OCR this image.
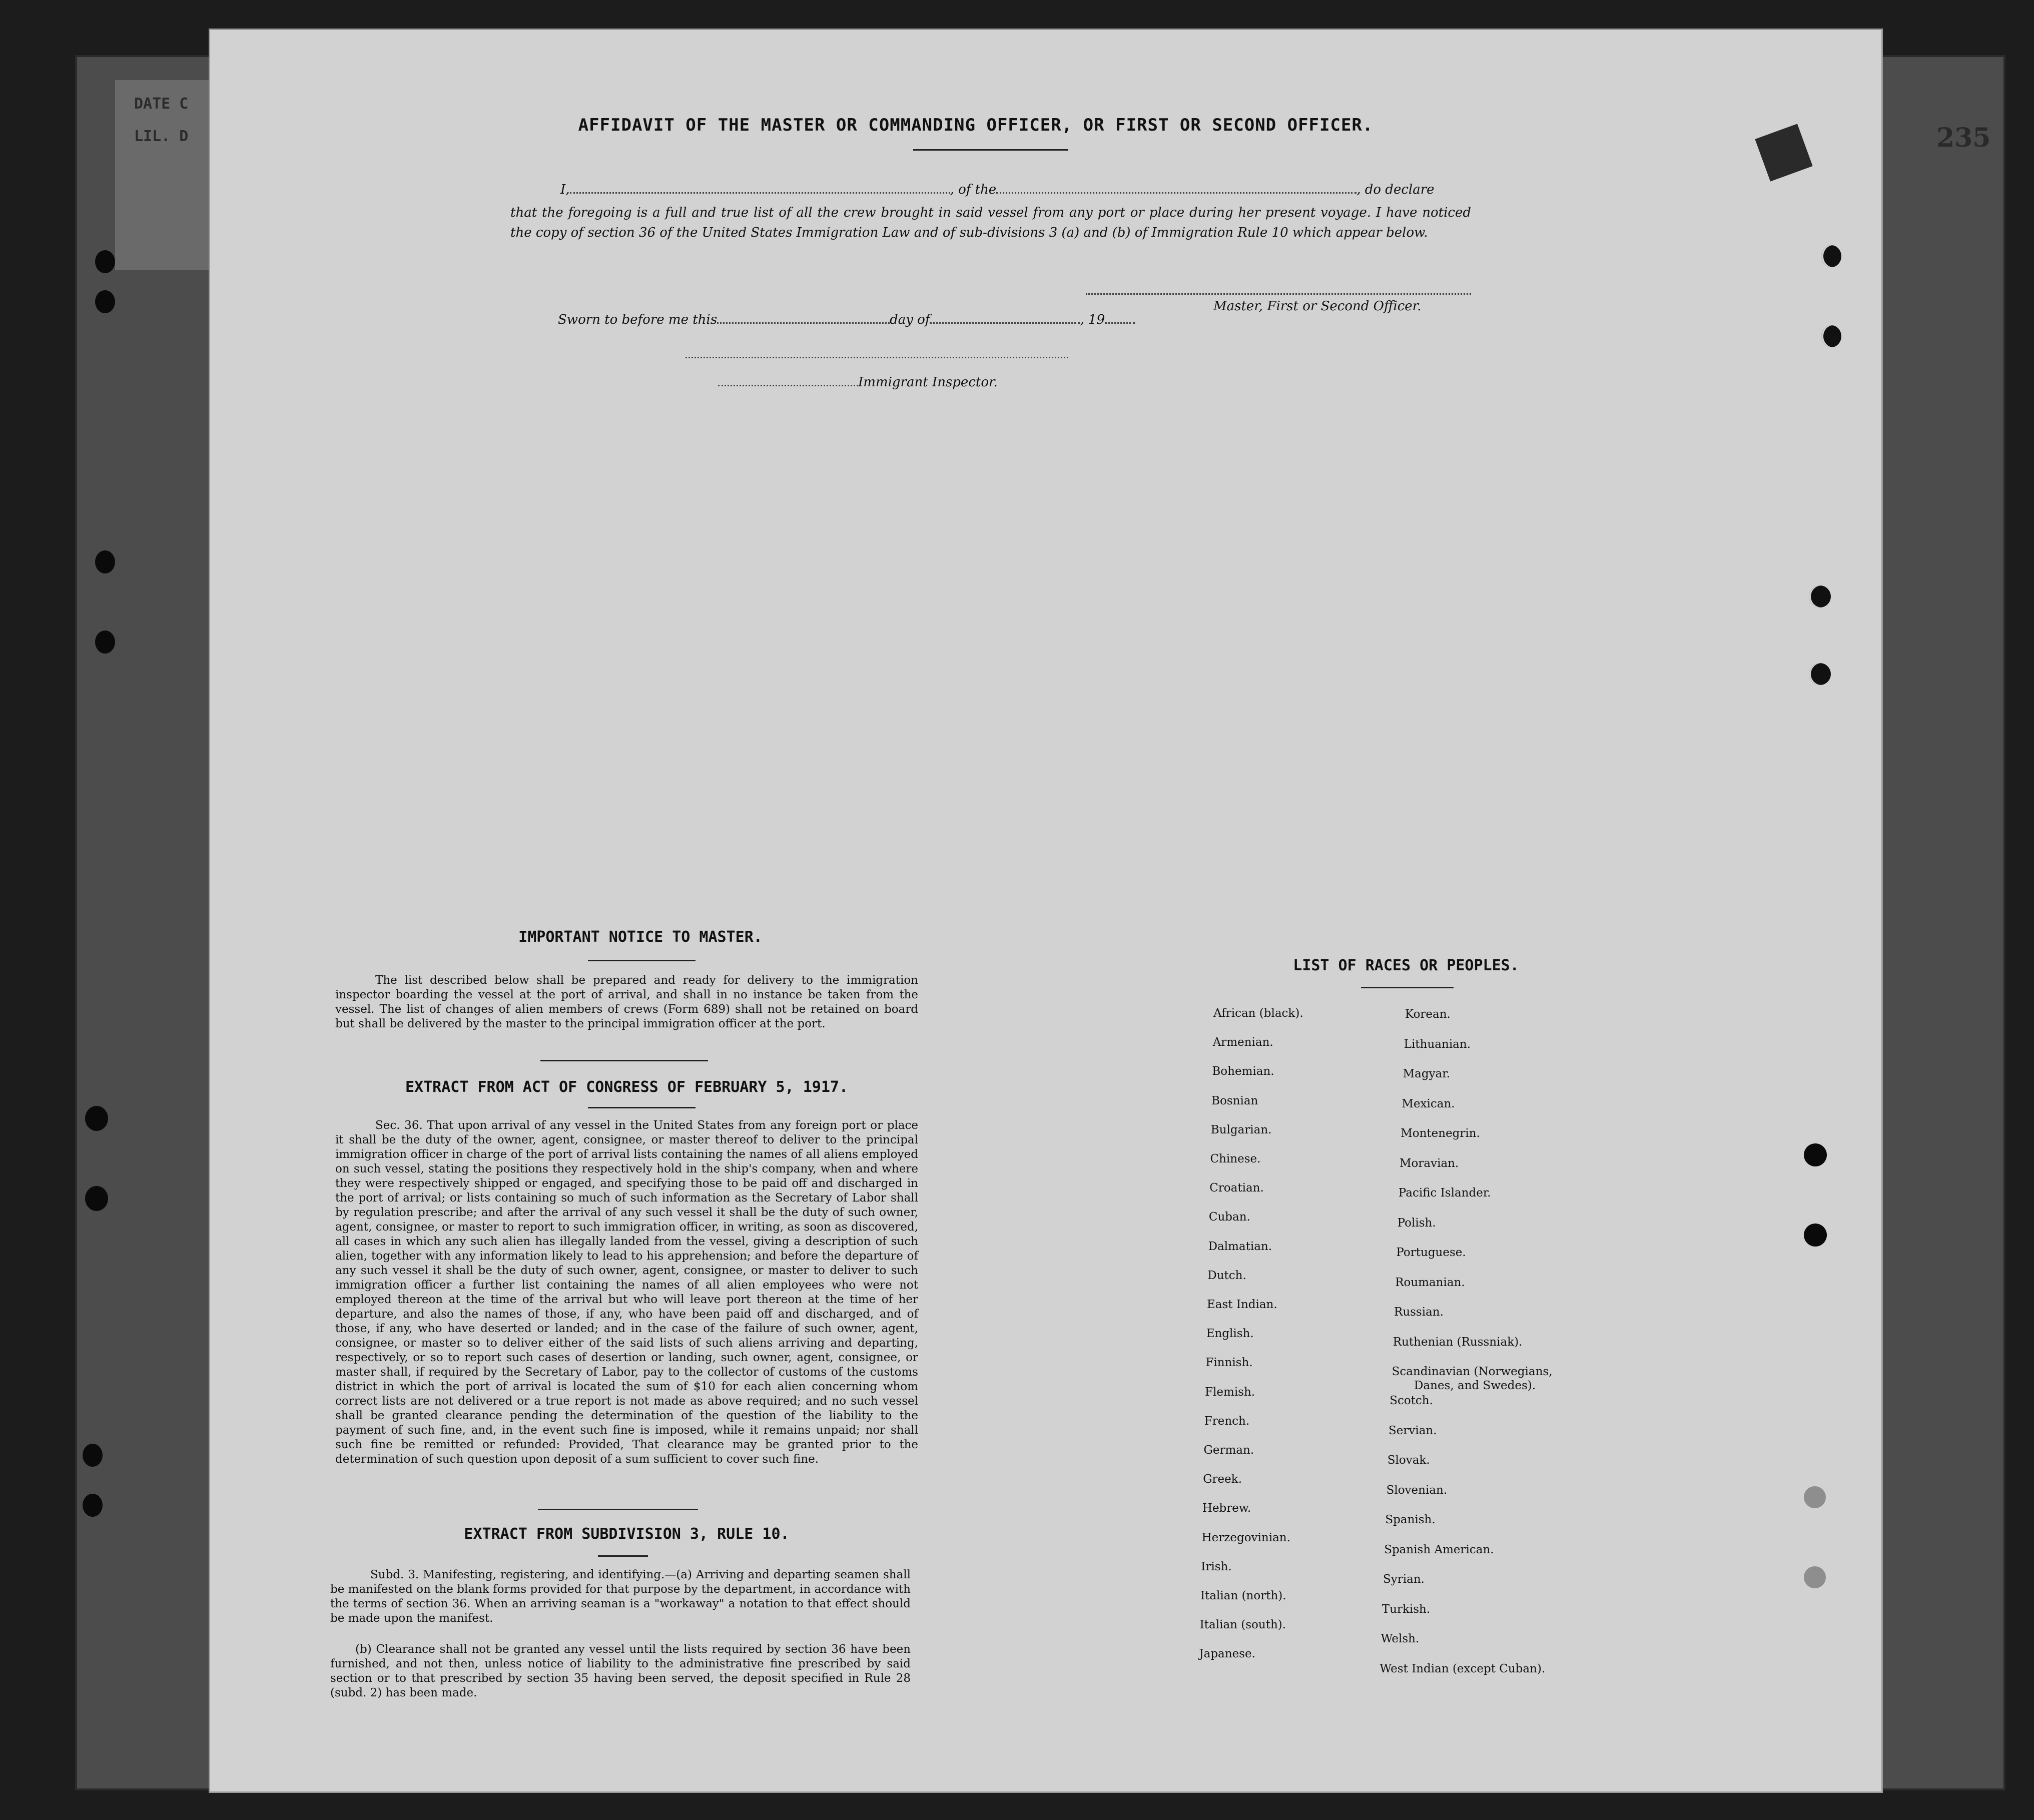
DATE C
LIL. D	235
AFFIDAVIT OF THE MASTER OR COMMANDING OFFICER, OR FIRST OR SECOND OFFICER.
I,	, of the	, do declare
that the foregoing is a full and true list of all the crew brought in said vessel from any port or place during her present voyage. I have noticed the copy of section 36 of the United States Immigration Law and of sub-divisions 3 (a) and (b) of Immigration Rule 10 which appear below.
Master, First or Second Officer.
Sworn to before me this	day of	, 19
Immigrant Inspector.
IMPORTANT NOTICE TO MASTER.
The list described below shall be prepared and ready for delivery to the immigration inspector boarding the vessel at the port of arrival, and shall in no instance be taken from the vessel. The list of changes of alien members of crews (Form 689) shall not be retained on board but shall be delivered by the master to the principal immigration officer at the port.
EXTRACT FROM ACT OF CONGRESS OF FEBRUARY 5, 1917.
Sec. 36. That upon arrival of any vessel in the United States from any foreign port or place it shall be the duty of the owner, agent, consignee, or master thereof to deliver to the principal immigration officer in charge of the port of arrival lists containing the names of all aliens employed on such vessel, stating the positions they respectively hold in the ship's company, when and where they were respectively shipped or engaged, and specifying those to be paid off and discharged in the port of arrival; or lists containing so much of such information as the Secretary of Labor shall by regulation prescribe; and after the arrival of any such vessel it shall be the duty of such owner, agent, consignee, or master to report to such immigration officer, in writing, as soon as discovered, all cases in which any such alien has illegally landed from the vessel, giving a description of such alien, together with any information likely to lead to his apprehension; and before the departure of any such vessel it shall be the duty of such owner, agent, consignee, or master to deliver to such immigration officer a further list containing the names of all alien employees who were not employed thereon at the time of the arrival but who will leave port thereon at the time of her departure, and also the names of those, if any, who have been paid off and discharged, and of those, if any, who have deserted or landed; and in the case of the failure of such owner, agent, consignee, or master so to deliver either of the said lists of such aliens arriving and departing, respectively, or so to report such cases of desertion or landing, such owner, agent, consignee, or master shall, if required by the Secretary of Labor, pay to the collector of customs of the customs district in which the port of arrival is located the sum of $10 for each alien concerning whom correct lists are not delivered or a true report is not made as above required; and no such vessel shall be granted clearance pending the determination of the question of the liability to the payment of such fine, and, in the event such fine is imposed, while it remains unpaid; nor shall such fine be remitted or refunded: Provided, That clearance may be granted prior to the determination of such question upon deposit of a sum sufficient to cover such fine.
EXTRACT FROM SUBDIVISION 3, RULE 10.
Subd. 3. Manifesting, registering, and identifying.—(a) Arriving and departing seamen shall be manifested on the blank forms provided for that purpose by the department, in accordance with the terms of section 36. When an arriving seaman is a "workaway" a notation to that effect should be made upon the manifest.
(b) Clearance shall not be granted any vessel until the lists required by section 36 have been furnished, and not then, unless notice of liability to the administrative fine prescribed by said section or to that prescribed by section 35 having been served, the deposit specified in Rule 28 (subd. 2) has been made.
LIST OF RACES OR PEOPLES.
African (black).
Armenian.
Bohemian.
Bosnian
Bulgarian.
Chinese.
Croatian.
Cuban.
Dalmatian.
Dutch.
East Indian.
English.
Finnish.
Flemish.
French.
German.
Greek.
Hebrew.
Herzegovinian.
Irish.
Italian (north).
Italian (south).
Japanese.
Korean.
Lithuanian.
Magyar.
Mexican.
Montenegrin.
Moravian.
Pacific Islander.
Polish.
Portuguese.
Roumanian.
Russian.
Ruthenian (Russniak).
Scandinavian (Norwegians,
Danes, and Swedes).
Scotch.
Servian.
Slovak.
Slovenian.
Spanish.
Spanish American.
Syrian.
Turkish.
Welsh.
West Indian (except Cuban).
